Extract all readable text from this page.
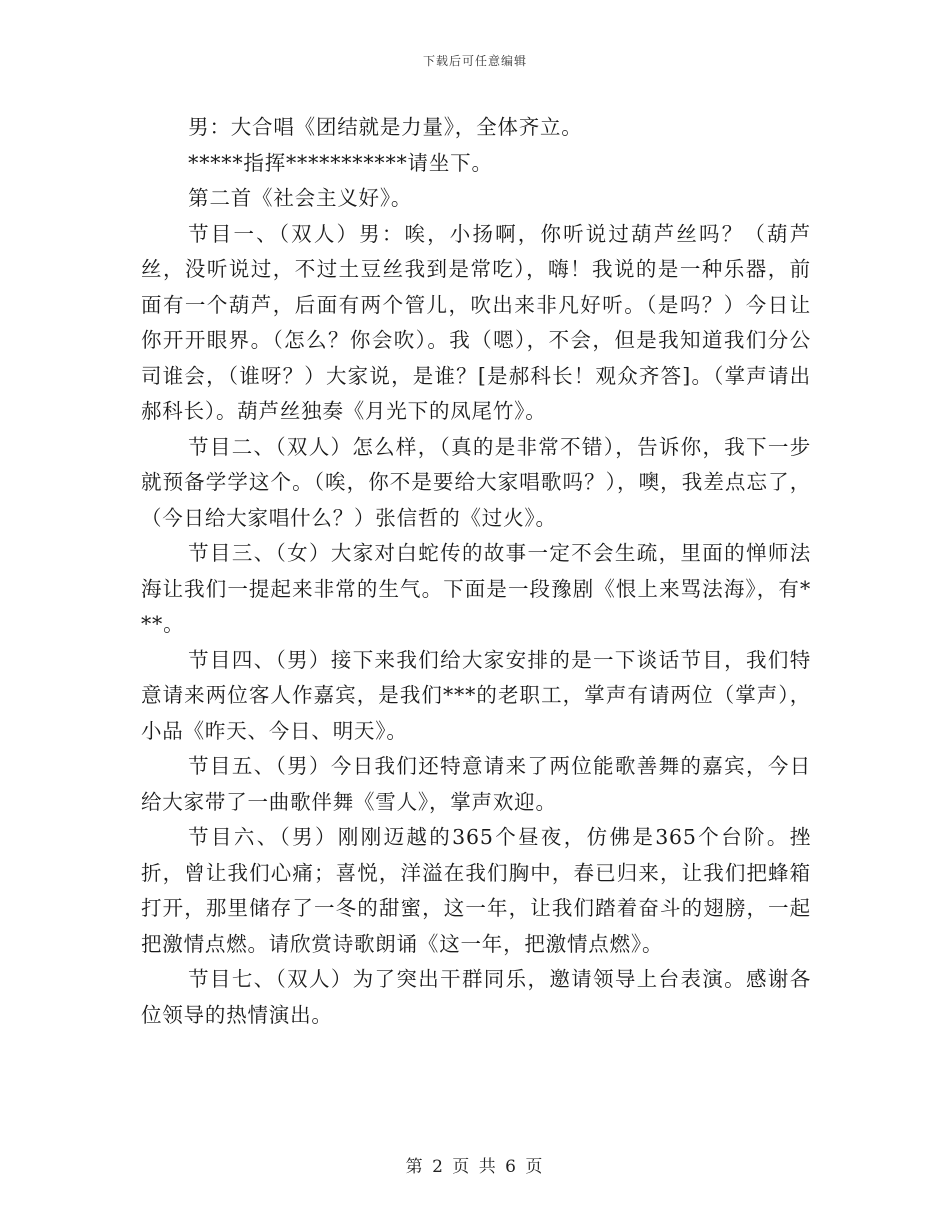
下载后可任意编辑

男：大合唱《团结就是力量》，全体齐立。

*****指挥***********请坐下。

第二首《社会主义好》。

节目一、（双人）男：唉，小扬啊，你听说过葫芦丝吗？（葫芦丝，没听说过，不过土豆丝我到是常吃），嗨！我说的是一种乐器，前面有一个葫芦，后面有两个管儿，吹出来非凡好听。（是吗？）今日让你开开眼界。（怎么？你会吹）。我（嗯），不会，但是我知道我们分公司谁会，（谁呀？）大家说，是谁？[是郝科长！观众齐答]。（掌声请出郝科长）。葫芦丝独奏《月光下的凤尾竹》。

节目二、（双人）怎么样，（真的是非常不错），告诉你，我下一步就预备学学这个。（唉，你不是要给大家唱歌吗？），噢，我差点忘了，（今日给大家唱什么？）张信哲的《过火》。

节目三、（女）大家对白蛇传的故事一定不会生疏，里面的惮师法海让我们一提起来非常的生气。下面是一段豫剧《恨上来骂法海》，有***。

节目四、（男）接下来我们给大家安排的是一下谈话节目，我们特意请来两位客人作嘉宾，是我们***的老职工，掌声有请两位（掌声），小品《昨天、今日、明天》。

节目五、（男）今日我们还特意请来了两位能歌善舞的嘉宾，今日给大家带了一曲歌伴舞《雪人》，掌声欢迎。

节目六、（男）刚刚迈越的365个昼夜，仿佛是365个台阶。挫折，曾让我们心痛；喜悦，洋溢在我们胸中，春已归来，让我们把蜂箱打开，那里储存了一冬的甜蜜，这一年，让我们踏着奋斗的翅膀，一起把激情点燃。请欣赏诗歌朗诵《这一年，把激情点燃》。

节目七、（双人）为了突出干群同乐，邀请领导上台表演。感谢各位领导的热情演出。

第 2 页 共 6 页
